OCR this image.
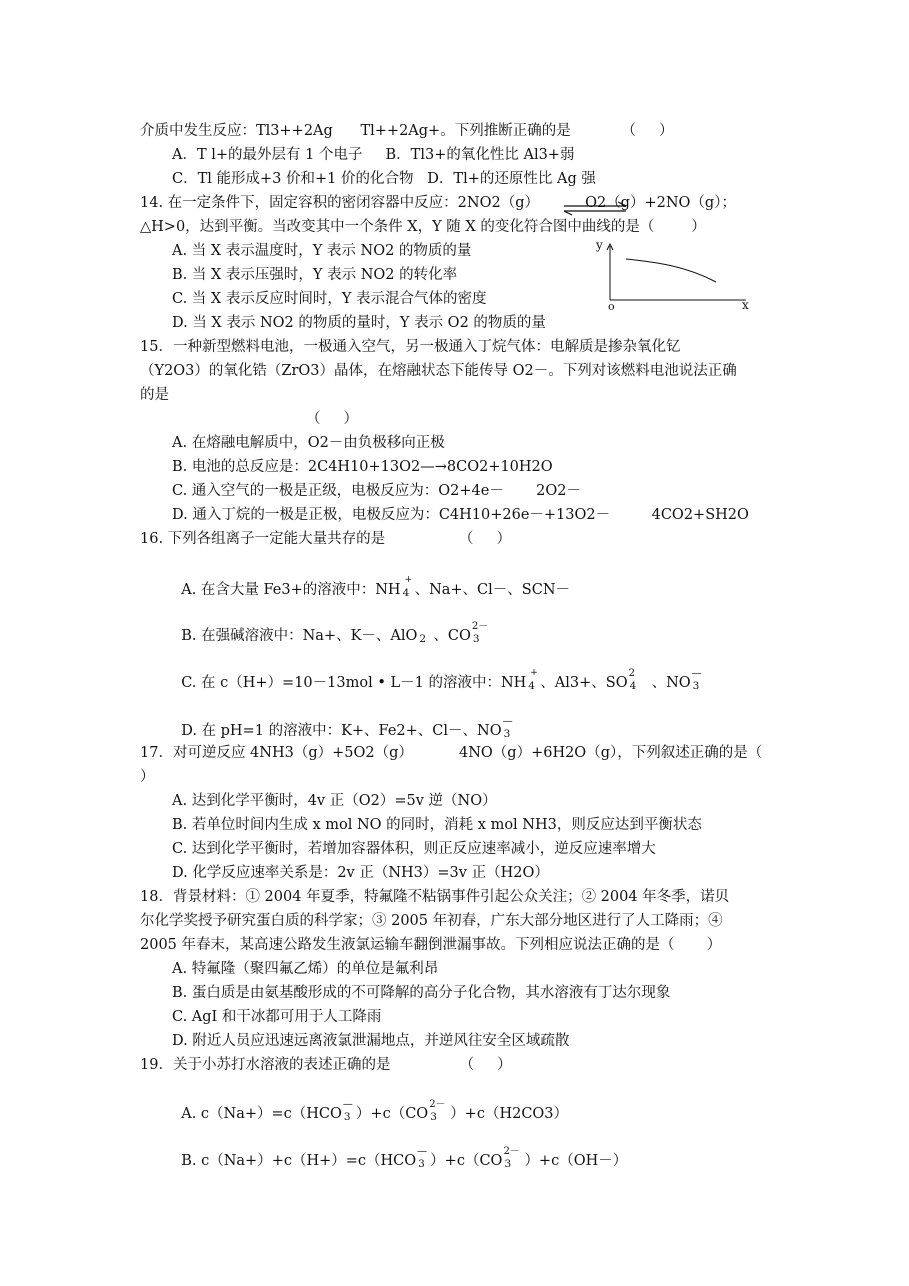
介质中发生反应：Tl3++2Ag      Tl++2Ag+。下列推断正确的是           （     ）
A．T l+的最外层有 1 个电子     B．Tl3+的氧化性比 Al3+弱
C．Tl 能形成+3 价和+1 价的化合物   D．Tl+的还原性比 Ag 强
14. 在一定条件下，固定容积的密闭容器中反应：2NO2（g）          O2（g）+2NO（g）；
△H>0，达到平衡。当改变其中一个条件 X，Y 随 X 的变化符合图中曲线的是（        ）
A. 当 X 表示温度时，Y 表示 NO2 的物质的量
B. 当 X 表示压强时，Y 表示 NO2 的转化率
C. 当 X 表示反应时间时，Y 表示混合气体的密度
D. 当 X 表示 NO2 的物质的量时，Y 表示 O2 的物质的量
y
x
o
15．一种新型燃料电池，一极通入空气，另一极通入丁烷气体：电解质是掺杂氧化钇
（Y2O3）的氧化锆（ZrO3）晶体，在熔融状态下能传导 O2－。下列对该燃料电池说法正确
的是
（     ）
A. 在熔融电解质中，O2－由负极移向正极
B. 电池的总反应是：2C4H10+13O2—→8CO2+10H2O
C. 通入空气的一极是正级，电极反应为：O2+4e－       2O2－
D. 通入丁烷的一极是正极，电极反应为：C4H10+26e－+13O2－         4CO2+SH2O
16. 下列各组离子一定能大量共存的是                （     ）

A. 在含大量 Fe3+的溶液中：NH
+
4 、Na+、Cl－、SCN－

B. 在强碱溶液中：Na+、K－、AlO 2 、CO
2－
3

C. 在 c（H+）=10－13mol • L－1 的溶液中：NH
+
4 、Al3+、SO
2
4 、NO
—
3

D. 在 pH=1 的溶液中：K+、Fe2+、Cl－、NO
—
3

17．对可逆反应 4NH3（g）+5O2（g）          4NO（g）+6H2O（g），下列叙述正确的是（
）
A. 达到化学平衡时，4v 正（O2）=5v 逆（NO）
B. 若单位时间内生成 x mol NO 的同时，消耗 x mol NH3，则反应达到平衡状态
C. 达到化学平衡时，若增加容器体积，则正反应速率减小，逆反应速率增大
D. 化学反应速率关系是：2v 正（NH3）=3v 正（H2O）
18．背景材料：① 2004 年夏季，特氟隆不粘锅事件引起公众关注；② 2004 年冬季，诺贝
尔化学奖授予研究蛋白质的科学家；③ 2005 年初春，广东大部分地区进行了人工降雨；④
2005 年春末，某高速公路发生液氯运输车翻倒泄漏事故。下列相应说法正确的是（       ）
A. 特氟隆（聚四氟乙烯）的单位是氟利昂
B. 蛋白质是由氨基酸形成的不可降解的高分子化合物，其水溶液有丁达尔现象
C. AgI 和干冰都可用于人工降雨
D. 附近人员应迅速远离液氯泄漏地点，并逆风往安全区域疏散
19．关于小苏打水溶液的表述正确的是               （     ）

A. c（Na+）=c（HCO
—
3 ）+c（CO
2－
3 ）+c（H2CO3）

B. c（Na+）+c（H+）=c（HCO
—
3 ）+c（CO
2－
3 ）+c（OH－）
